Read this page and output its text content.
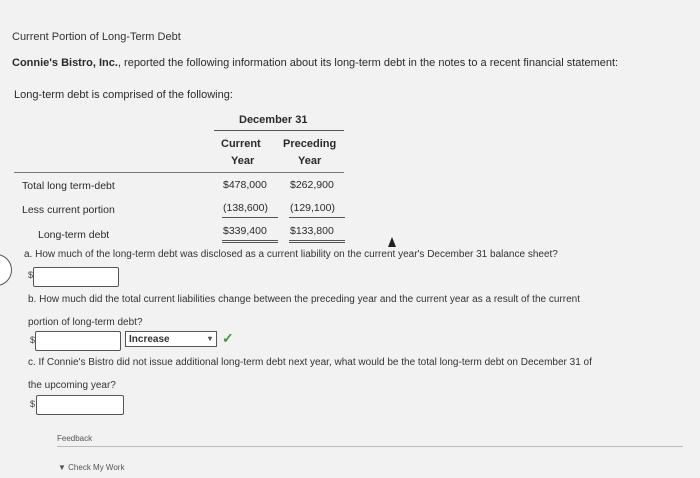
Current Portion of Long-Term Debt
Connie's Bistro, Inc., reported the following information about its long-term debt in the notes to a recent financial statement:
Long-term debt is comprised of the following:
December 31
Current
Year
Preceding
Year
Total long term-debt	$478,000 $262,900
Less current portion	(138,600) (129,100)
Long-term debt	$339,400 $133,800
a. How much of the long-term debt was disclosed as a current liability on the current year's December 31 balance sheet?
$
b. How much did the total current liabilities change between the preceding year and the current year as a result of the current
portion of long-term debt?
$	Increase	▾ ✓
c. If Connie's Bistro did not issue additional long-term debt next year, what would be the total long-term debt on December 31 of
the upcoming year?
$
Feedback
▼ Check My Work
